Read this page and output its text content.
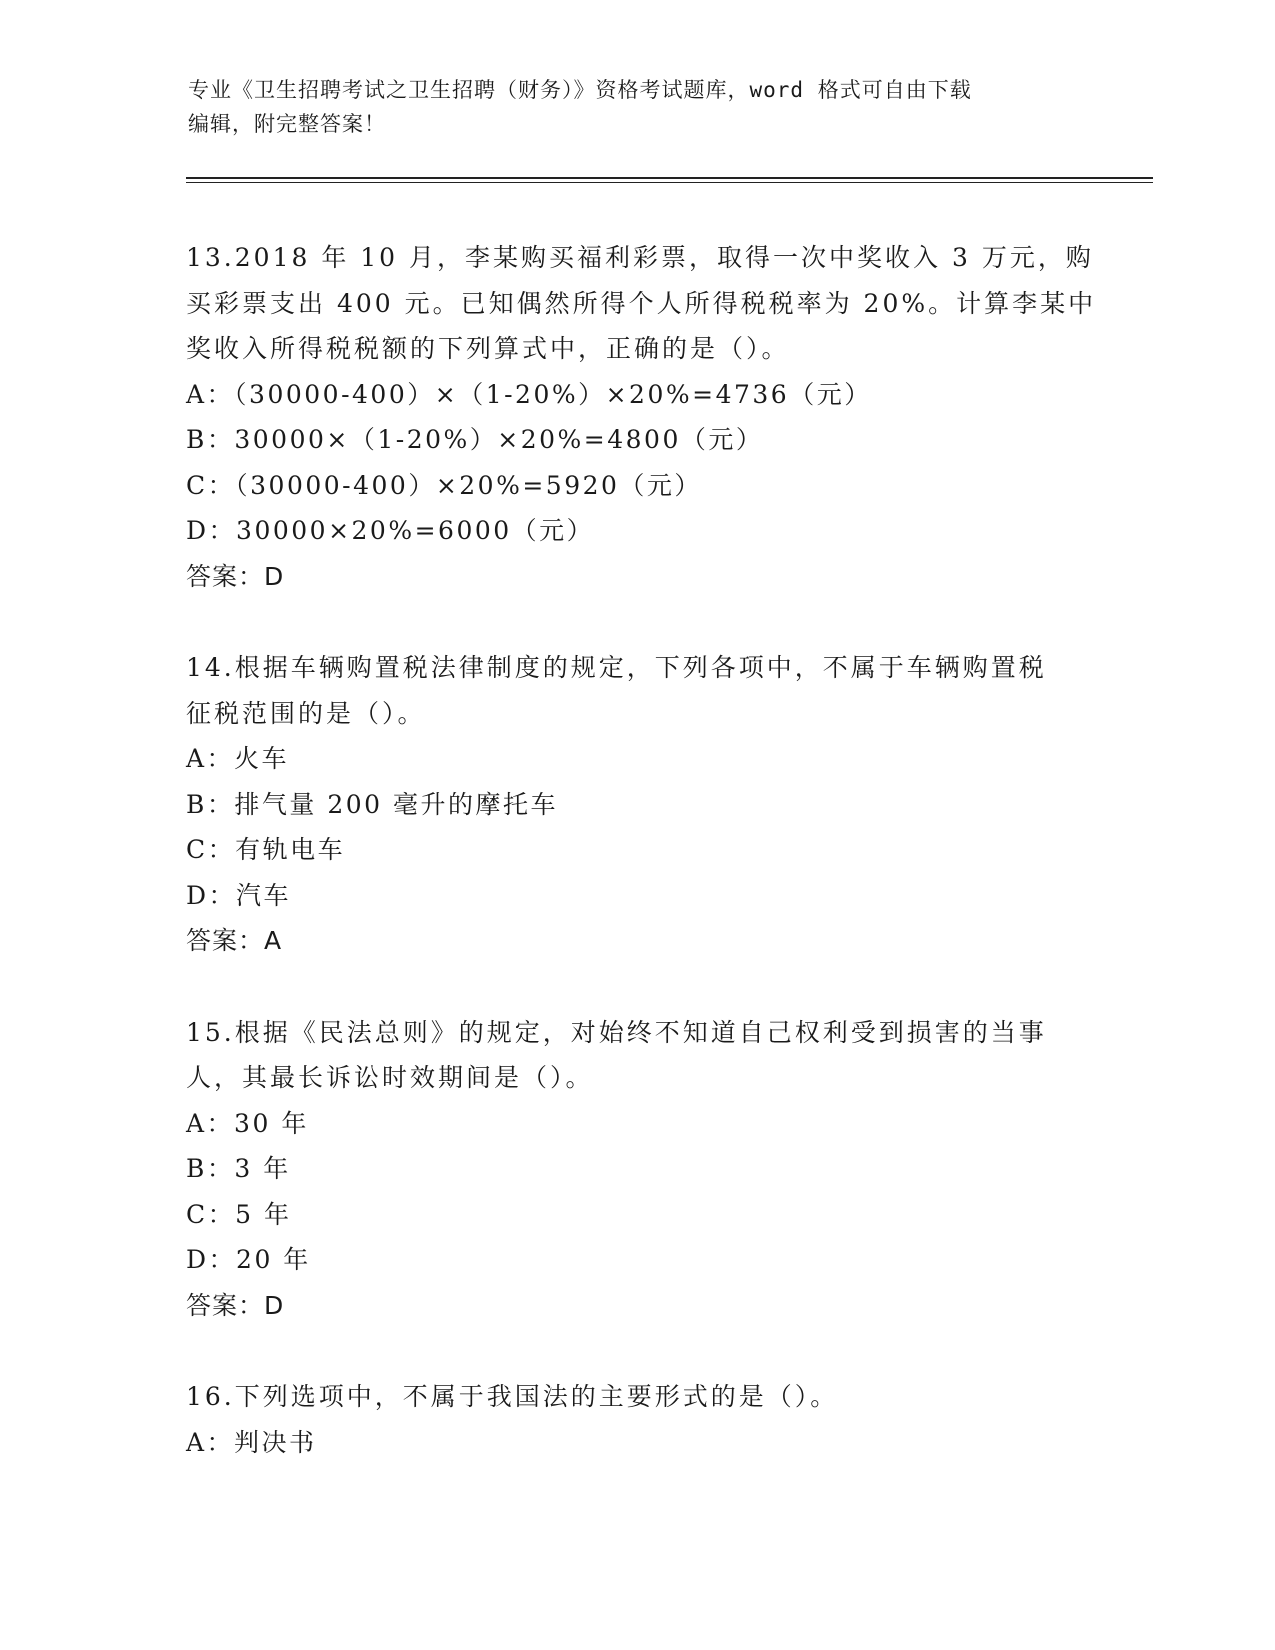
专业《卫生招聘考试之卫生招聘（财务）》资格考试题库，word 格式可自由下载
编辑，附完整答案！
13.2018 年 10 月，李某购买福利彩票，取得一次中奖收入 3 万元，购
买彩票支出 400 元。已知偶然所得个人所得税税率为 20%。计算李某中
奖收入所得税税额的下列算式中，正确的是（）。
A：（30000-400）×（1-20%）×20%=4736（元）
B：30000×（1-20%）×20%=4800（元）
C：（30000-400）×20%=5920（元）
D：30000×20%=6000（元）
答案：D
14.根据车辆购置税法律制度的规定，下列各项中，不属于车辆购置税
征税范围的是（）。
A：火车
B：排气量 200 毫升的摩托车
C：有轨电车
D：汽车
答案：A
15.根据《民法总则》的规定，对始终不知道自己权利受到损害的当事
人，其最长诉讼时效期间是（）。
A：30 年
B：3 年
C：5 年
D：20 年
答案：D
16.下列选项中，不属于我国法的主要形式的是（）。
A：判决书
